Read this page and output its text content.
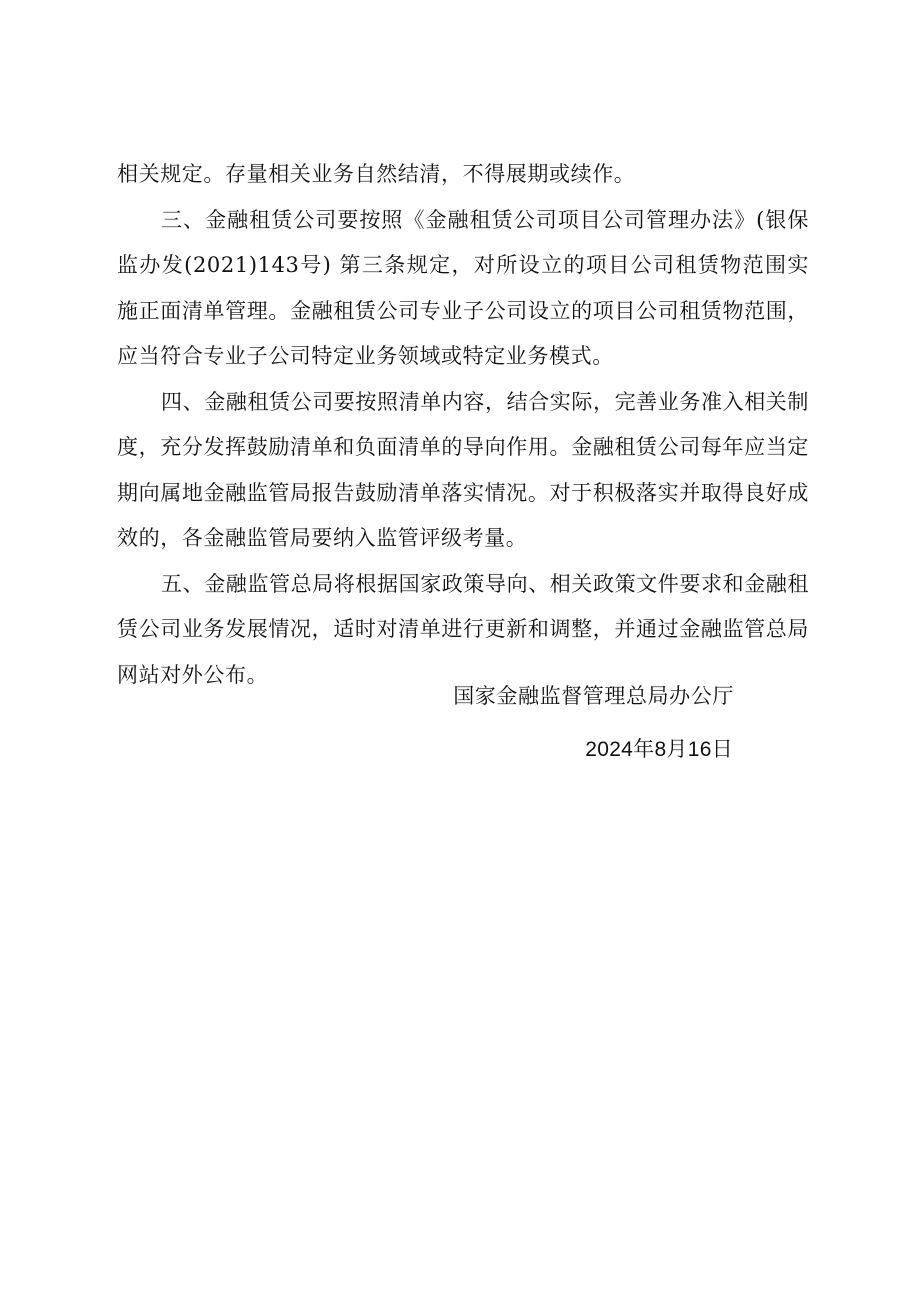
相关规定。存量相关业务自然结清，不得展期或续作。

三、金融租赁公司要按照《金融租赁公司项目公司管理办法》(银保监办发(2021)143号) 第三条规定，对所设立的项目公司租赁物范围实施正面清单管理。金融租赁公司专业子公司设立的项目公司租赁物范围，应当符合专业子公司特定业务领域或特定业务模式。

四、金融租赁公司要按照清单内容，结合实际，完善业务准入相关制度，充分发挥鼓励清单和负面清单的导向作用。金融租赁公司每年应当定期向属地金融监管局报告鼓励清单落实情况。对于积极落实并取得良好成效的，各金融监管局要纳入监管评级考量。

五、金融监管总局将根据国家政策导向、相关政策文件要求和金融租赁公司业务发展情况，适时对清单进行更新和调整，并通过金融监管总局网站对外公布。

国家金融监督管理总局办公厅
2024年8月16日
